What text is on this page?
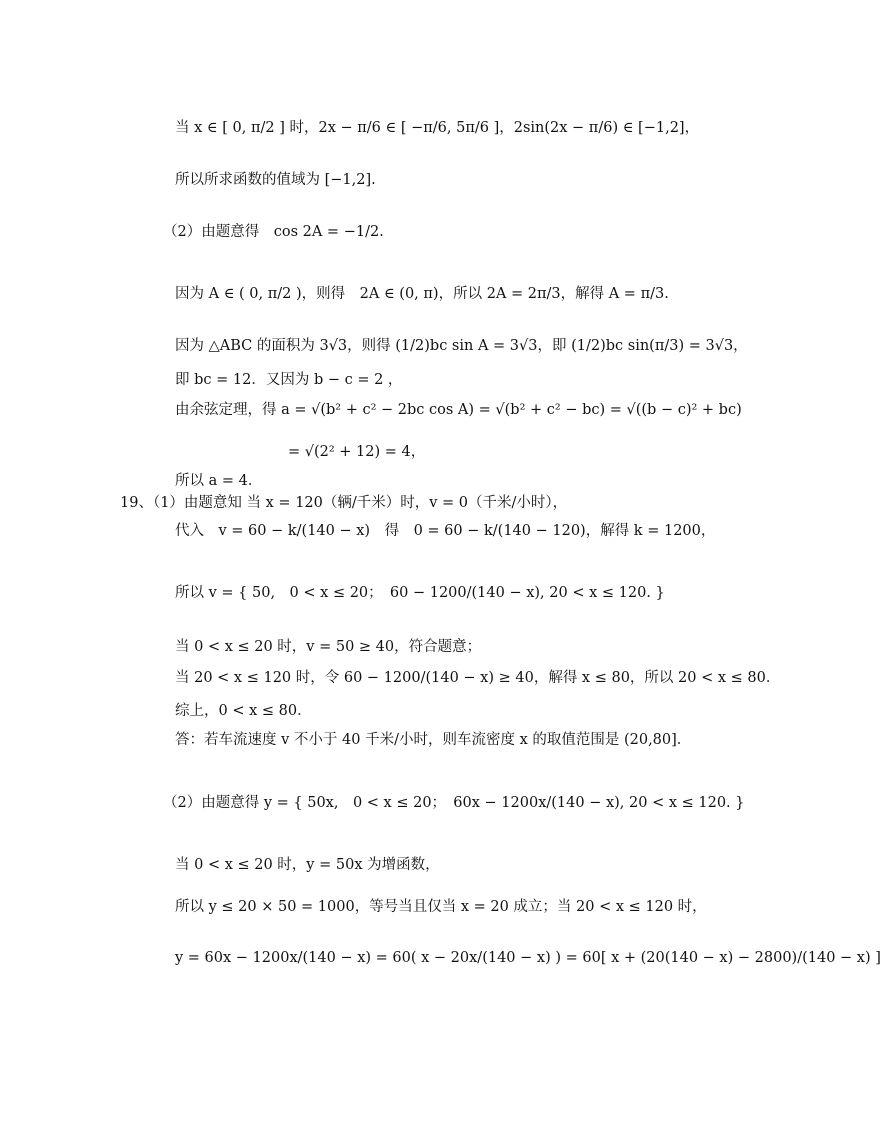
当 x ∈ [ 0, π/2 ] 时，2x − π/6 ∈ [ −π/6, 5π/6 ]，2sin(2x − π/6) ∈ [−1,2]，
所以所求函数的值域为 [−1,2].
（2）由题意得　cos 2A = −1/2.
因为 A ∈ ( 0, π/2 )，则得　2A ∈ (0, π)，所以 2A = 2π/3，解得 A = π/3.
因为 △ABC 的面积为 3√3，则得 (1/2)bc sin A = 3√3，即 (1/2)bc sin(π/3) = 3√3，
即 bc = 12．又因为 b − c = 2 ，
由余弦定理，得 a = √(b² + c² − 2bc cos A) = √(b² + c² − bc) = √((b − c)² + bc)
= √(2² + 12) = 4，
所以 a = 4．
19、（1）由题意知 当 x = 120（辆/千米）时，v = 0（千米/小时），
代入　v = 60 − k/(140 − x)　得　0 = 60 − k/(140 − 120)，解得 k = 1200，
所以 v = { 50,　0 < x ≤ 20；　60 − 1200/(140 − x), 20 < x ≤ 120. }
当 0 < x ≤ 20 时，v = 50 ≥ 40，符合题意；
当 20 < x ≤ 120 时，令 60 − 1200/(140 − x) ≥ 40，解得 x ≤ 80，所以 20 < x ≤ 80．
综上，0 < x ≤ 80．
答：若车流速度 v 不小于 40 千米/小时，则车流密度 x 的取值范围是 (20,80]．
（2）由题意得 y = { 50x,　0 < x ≤ 20；　60x − 1200x/(140 − x), 20 < x ≤ 120. }
当 0 < x ≤ 20 时，y = 50x 为增函数，
所以 y ≤ 20 × 50 = 1000，等号当且仅当 x = 20 成立；当 20 < x ≤ 120 时，
y = 60x − 1200x/(140 − x) = 60( x − 20x/(140 − x) ) = 60[ x + (20(140 − x) − 2800)/(140 − x) ]
